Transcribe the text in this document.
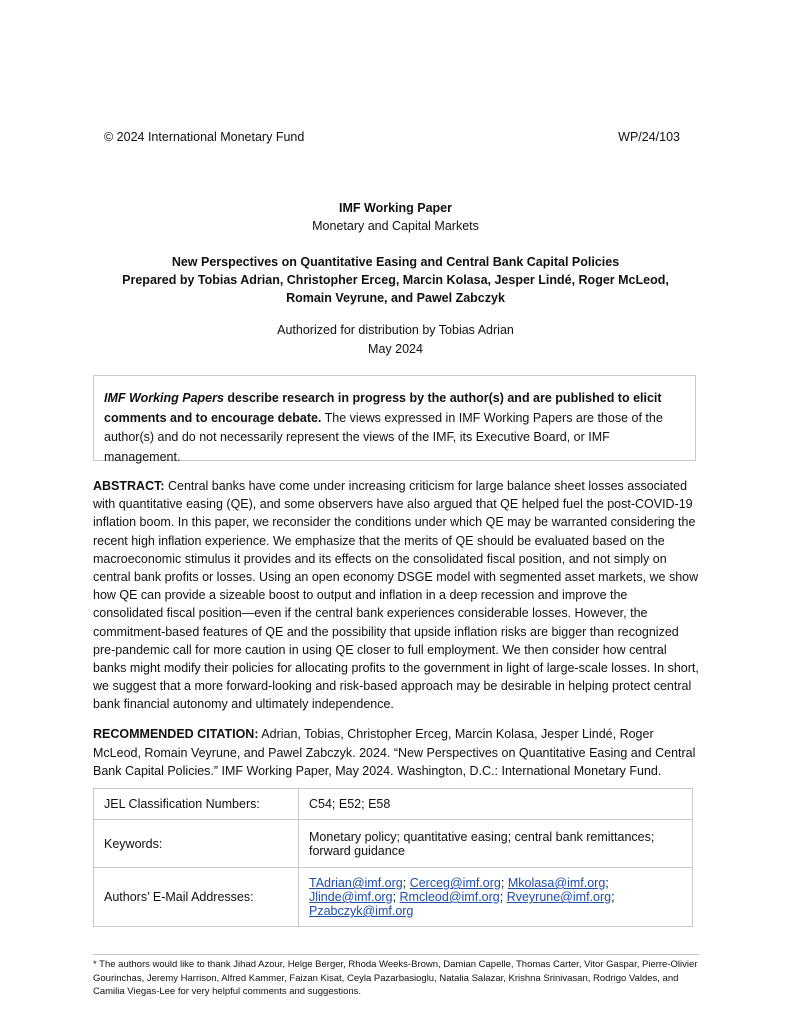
© 2024 International Monetary Fund	WP/24/103
IMF Working Paper
Monetary and Capital Markets
New Perspectives on Quantitative Easing and Central Bank Capital Policies
Prepared by Tobias Adrian, Christopher Erceg, Marcin Kolasa, Jesper Lindé, Roger McLeod,
Romain Veyrune, and Pawel Zabczyk
Authorized for distribution by Tobias Adrian
May 2024
IMF Working Papers describe research in progress by the author(s) and are published to elicit comments and to encourage debate. The views expressed in IMF Working Papers are those of the author(s) and do not necessarily represent the views of the IMF, its Executive Board, or IMF management.
ABSTRACT: Central banks have come under increasing criticism for large balance sheet losses associated with quantitative easing (QE), and some observers have also argued that QE helped fuel the post-COVID-19 inflation boom. In this paper, we reconsider the conditions under which QE may be warranted considering the recent high inflation experience. We emphasize that the merits of QE should be evaluated based on the macroeconomic stimulus it provides and its effects on the consolidated fiscal position, and not simply on central bank profits or losses. Using an open economy DSGE model with segmented asset markets, we show how QE can provide a sizeable boost to output and inflation in a deep recession and improve the consolidated fiscal position—even if the central bank experiences considerable losses. However, the commitment-based features of QE and the possibility that upside inflation risks are bigger than recognized pre-pandemic call for more caution in using QE closer to full employment. We then consider how central banks might modify their policies for allocating profits to the government in light of large-scale losses. In short, we suggest that a more forward-looking and risk-based approach may be desirable in helping protect central bank financial autonomy and ultimately independence.
RECOMMENDED CITATION: Adrian, Tobias, Christopher Erceg, Marcin Kolasa, Jesper Lindé, Roger McLeod, Romain Veyrune, and Pawel Zabczyk. 2024. “New Perspectives on Quantitative Easing and Central Bank Capital Policies.” IMF Working Paper, May 2024. Washington, D.C.: International Monetary Fund.
JEL Classification Numbers:	C54; E52; E58
Keywords:	Monetary policy; quantitative easing; central bank remittances;
forward guidance

Authors’ E-Mail Addresses:	TAdrian@imf.org; Cerceg@imf.org; Mkolasa@imf.org;
Jlinde@imf.org; Rmcleod@imf.org; Rveyrune@imf.org;
Pzabczyk@imf.org
* The authors would like to thank Jihad Azour, Helge Berger, Rhoda Weeks-Brown, Damian Capelle, Thomas Carter, Vitor Gaspar, Pierre-Olivier Gourinchas, Jeremy Harrison, Alfred Kammer, Faizan Kisat, Ceyla Pazarbasioglu, Natalia Salazar, Krishna Srinivasan, Rodrigo Valdes, and Camilia Viegas-Lee for very helpful comments and suggestions.
